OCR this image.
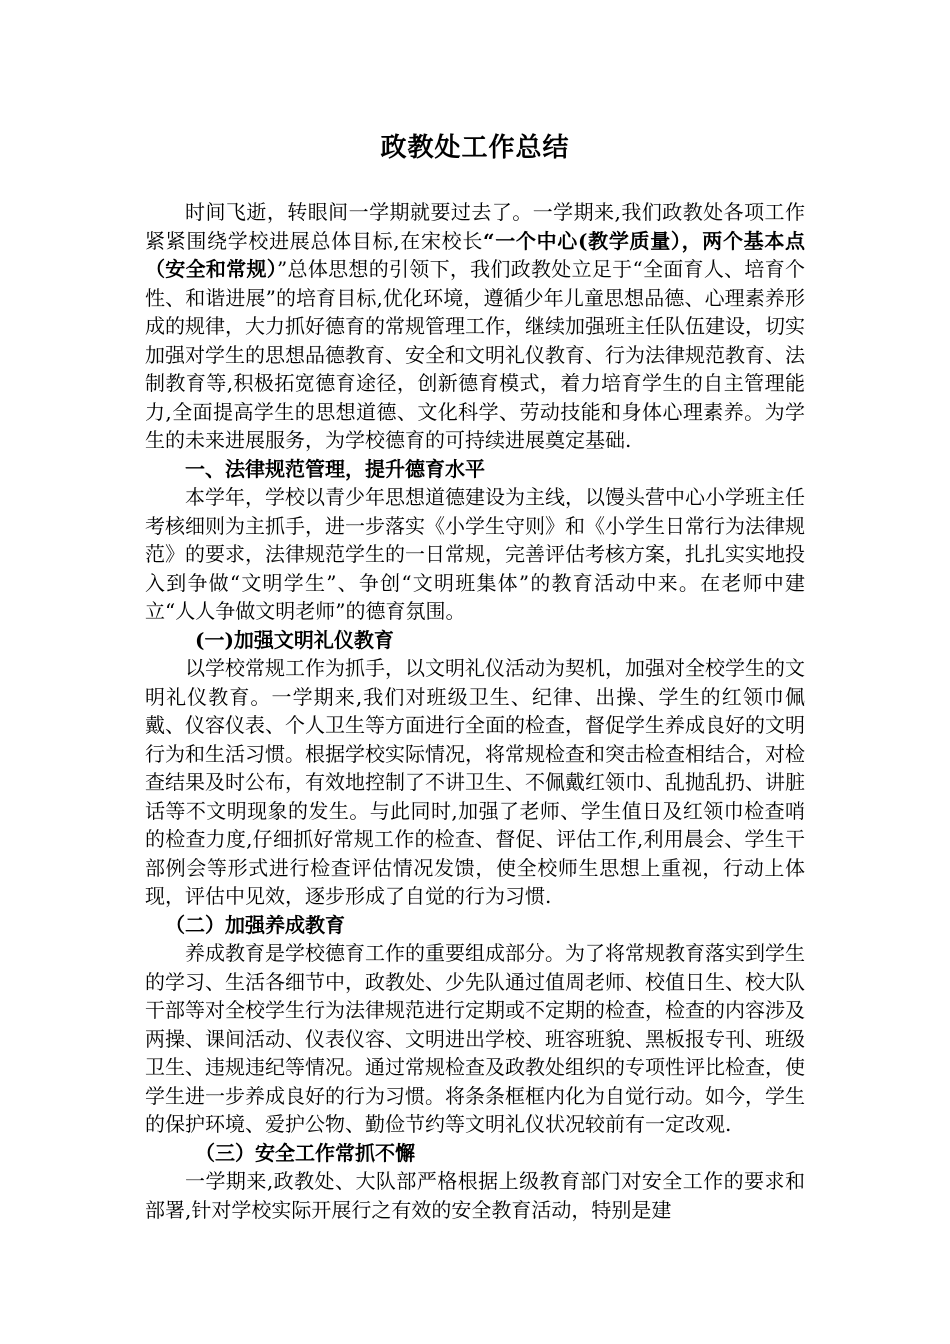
政教处工作总结

时间飞逝，转眼间一学期就要过去了。一学期来,我们政教处各项工作紧紧围绕学校进展总体目标,在宋校长“一个中心(教学质量），两个基本点（安全和常规）”总体思想的引领下，我们政教处立足于“全面育人、培育个性、和谐进展”的培育目标,优化环境，遵循少年儿童思想品德、心理素养形成的规律，大力抓好德育的常规管理工作，继续加强班主任队伍建设，切实加强对学生的思想品德教育、安全和文明礼仪教育、行为法律规范教育、法制教育等,积极拓宽德育途径，创新德育模式，着力培育学生的自主管理能力,全面提高学生的思想道德、文化科学、劳动技能和身体心理素养。为学生的未来进展服务，为学校德育的可持续进展奠定基础.

一、法律规范管理，提升德育水平

本学年，学校以青少年思想道德建设为主线，以馒头营中心小学班主任考核细则为主抓手，进一步落实《小学生守则》和《小学生日常行为法律规范》的要求，法律规范学生的一日常规，完善评估考核方案，扎扎实实地投入到争做“文明学生”、争创“文明班集体”的教育活动中来。在老师中建立“人人争做文明老师”的德育氛围。

(一)加强文明礼仪教育

以学校常规工作为抓手，以文明礼仪活动为契机，加强对全校学生的文明礼仪教育。一学期来,我们对班级卫生、纪律、出操、学生的红领巾佩戴、仪容仪表、个人卫生等方面进行全面的检查，督促学生养成良好的文明行为和生活习惯。根据学校实际情况，将常规检查和突击检查相结合，对检查结果及时公布，有效地控制了不讲卫生、不佩戴红领巾、乱抛乱扔、讲脏话等不文明现象的发生。与此同时,加强了老师、学生值日及红领巾检查哨的检查力度,仔细抓好常规工作的检查、督促、评估工作,利用晨会、学生干部例会等形式进行检查评估情况发馈，使全校师生思想上重视，行动上体现，评估中见效，逐步形成了自觉的行为习惯.

（二）加强养成教育

养成教育是学校德育工作的重要组成部分。为了将常规教育落实到学生的学习、生活各细节中，政教处、少先队通过值周老师、校值日生、校大队干部等对全校学生行为法律规范进行定期或不定期的检查，检查的内容涉及两操、课间活动、仪表仪容、文明进出学校、班容班貌、黑板报专刊、班级卫生、违规违纪等情况。通过常规检查及政教处组织的专项性评比检查，使学生进一步养成良好的行为习惯。将条条框框内化为自觉行动。如今，学生的保护环境、爱护公物、勤俭节约等文明礼仪状况较前有一定改观.

（三）安全工作常抓不懈

一学期来,政教处、大队部严格根据上级教育部门对安全工作的要求和部署,针对学校实际开展行之有效的安全教育活动，特别是建
